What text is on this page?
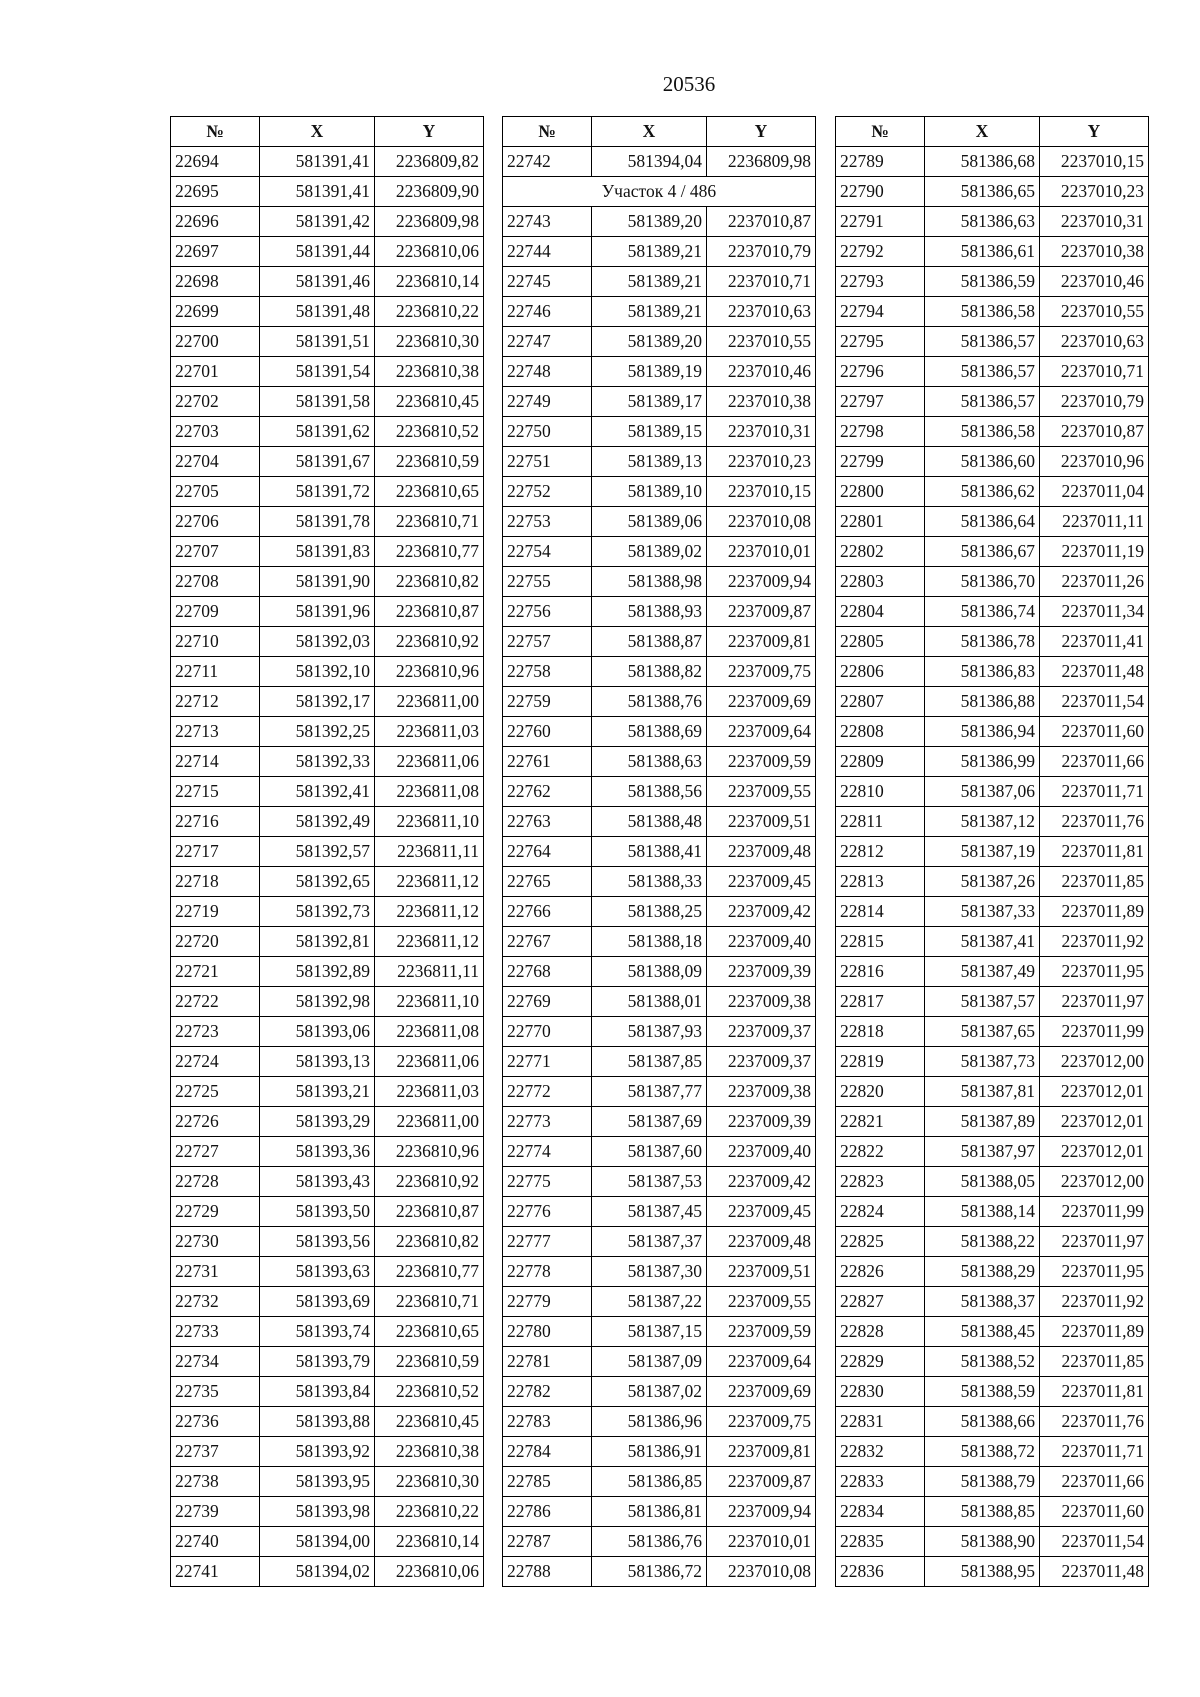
20536
№	X	Y
22694	581391,41	2236809,82
22695	581391,41	2236809,90
22696	581391,42	2236809,98
22697	581391,44	2236810,06
22698	581391,46	2236810,14
22699	581391,48	2236810,22
22700	581391,51	2236810,30
22701	581391,54	2236810,38
22702	581391,58	2236810,45
22703	581391,62	2236810,52
22704	581391,67	2236810,59
22705	581391,72	2236810,65
22706	581391,78	2236810,71
22707	581391,83	2236810,77
22708	581391,90	2236810,82
22709	581391,96	2236810,87
22710	581392,03	2236810,92
22711	581392,10	2236810,96
22712	581392,17	2236811,00
22713	581392,25	2236811,03
22714	581392,33	2236811,06
22715	581392,41	2236811,08
22716	581392,49	2236811,10
22717	581392,57	2236811,11
22718	581392,65	2236811,12
22719	581392,73	2236811,12
22720	581392,81	2236811,12
22721	581392,89	2236811,11
22722	581392,98	2236811,10
22723	581393,06	2236811,08
22724	581393,13	2236811,06
22725	581393,21	2236811,03
22726	581393,29	2236811,00
22727	581393,36	2236810,96
22728	581393,43	2236810,92
22729	581393,50	2236810,87
22730	581393,56	2236810,82
22731	581393,63	2236810,77
22732	581393,69	2236810,71
22733	581393,74	2236810,65
22734	581393,79	2236810,59
22735	581393,84	2236810,52
22736	581393,88	2236810,45
22737	581393,92	2236810,38
22738	581393,95	2236810,30
22739	581393,98	2236810,22
22740	581394,00	2236810,14
22741	581394,02	2236810,06
№	X	Y
22742	581394,04	2236809,98
Участок 4 / 486		
22743	581389,20	2237010,87
22744	581389,21	2237010,79
22745	581389,21	2237010,71
22746	581389,21	2237010,63
22747	581389,20	2237010,55
22748	581389,19	2237010,46
22749	581389,17	2237010,38
22750	581389,15	2237010,31
22751	581389,13	2237010,23
22752	581389,10	2237010,15
22753	581389,06	2237010,08
22754	581389,02	2237010,01
22755	581388,98	2237009,94
22756	581388,93	2237009,87
22757	581388,87	2237009,81
22758	581388,82	2237009,75
22759	581388,76	2237009,69
22760	581388,69	2237009,64
22761	581388,63	2237009,59
22762	581388,56	2237009,55
22763	581388,48	2237009,51
22764	581388,41	2237009,48
22765	581388,33	2237009,45
22766	581388,25	2237009,42
22767	581388,18	2237009,40
22768	581388,09	2237009,39
22769	581388,01	2237009,38
22770	581387,93	2237009,37
22771	581387,85	2237009,37
22772	581387,77	2237009,38
22773	581387,69	2237009,39
22774	581387,60	2237009,40
22775	581387,53	2237009,42
22776	581387,45	2237009,45
22777	581387,37	2237009,48
22778	581387,30	2237009,51
22779	581387,22	2237009,55
22780	581387,15	2237009,59
22781	581387,09	2237009,64
22782	581387,02	2237009,69
22783	581386,96	2237009,75
22784	581386,91	2237009,81
22785	581386,85	2237009,87
22786	581386,81	2237009,94
22787	581386,76	2237010,01
22788	581386,72	2237010,08
№	X	Y
22789	581386,68	2237010,15
22790	581386,65	2237010,23
22791	581386,63	2237010,31
22792	581386,61	2237010,38
22793	581386,59	2237010,46
22794	581386,58	2237010,55
22795	581386,57	2237010,63
22796	581386,57	2237010,71
22797	581386,57	2237010,79
22798	581386,58	2237010,87
22799	581386,60	2237010,96
22800	581386,62	2237011,04
22801	581386,64	2237011,11
22802	581386,67	2237011,19
22803	581386,70	2237011,26
22804	581386,74	2237011,34
22805	581386,78	2237011,41
22806	581386,83	2237011,48
22807	581386,88	2237011,54
22808	581386,94	2237011,60
22809	581386,99	2237011,66
22810	581387,06	2237011,71
22811	581387,12	2237011,76
22812	581387,19	2237011,81
22813	581387,26	2237011,85
22814	581387,33	2237011,89
22815	581387,41	2237011,92
22816	581387,49	2237011,95
22817	581387,57	2237011,97
22818	581387,65	2237011,99
22819	581387,73	2237012,00
22820	581387,81	2237012,01
22821	581387,89	2237012,01
22822	581387,97	2237012,01
22823	581388,05	2237012,00
22824	581388,14	2237011,99
22825	581388,22	2237011,97
22826	581388,29	2237011,95
22827	581388,37	2237011,92
22828	581388,45	2237011,89
22829	581388,52	2237011,85
22830	581388,59	2237011,81
22831	581388,66	2237011,76
22832	581388,72	2237011,71
22833	581388,79	2237011,66
22834	581388,85	2237011,60
22835	581388,90	2237011,54
22836	581388,95	2237011,48
